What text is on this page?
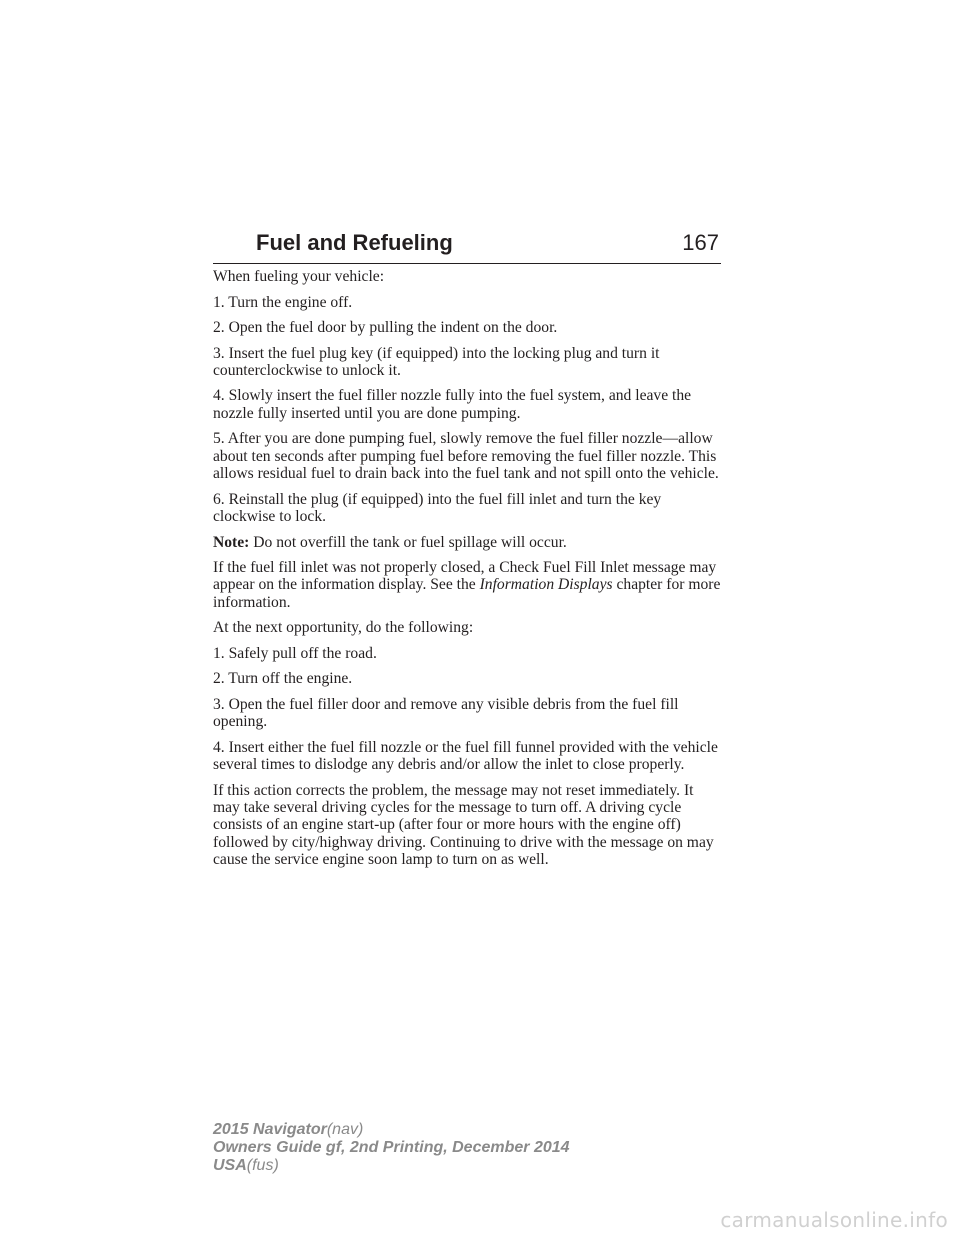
Fuel and Refueling	167

When fueling your vehicle:

1. Turn the engine off.

2. Open the fuel door by pulling the indent on the door.

3. Insert the fuel plug key (if equipped) into the locking plug and turn it counterclockwise to unlock it.

4. Slowly insert the fuel filler nozzle fully into the fuel system, and leave the nozzle fully inserted until you are done pumping.

5. After you are done pumping fuel, slowly remove the fuel filler nozzle—allow about ten seconds after pumping fuel before removing the fuel filler nozzle. This allows residual fuel to drain back into the fuel tank and not spill onto the vehicle.

6. Reinstall the plug (if equipped) into the fuel fill inlet and turn the key clockwise to lock.

Note: Do not overfill the tank or fuel spillage will occur.

If the fuel fill inlet was not properly closed, a Check Fuel Fill Inlet message may appear on the information display. See the Information Displays chapter for more information.

At the next opportunity, do the following:

1. Safely pull off the road.

2. Turn off the engine.

3. Open the fuel filler door and remove any visible debris from the fuel fill opening.

4. Insert either the fuel fill nozzle or the fuel fill funnel provided with the vehicle several times to dislodge any debris and/or allow the inlet to close properly.

If this action corrects the problem, the message may not reset immediately. It may take several driving cycles for the message to turn off. A driving cycle consists of an engine start-up (after four or more hours with the engine off) followed by city/highway driving. Continuing to drive with the message on may cause the service engine soon lamp to turn on as well.

2015 Navigator(nav)
Owners Guide gf, 2nd Printing, December 2014
USA(fus)
carmanualsonline.info
